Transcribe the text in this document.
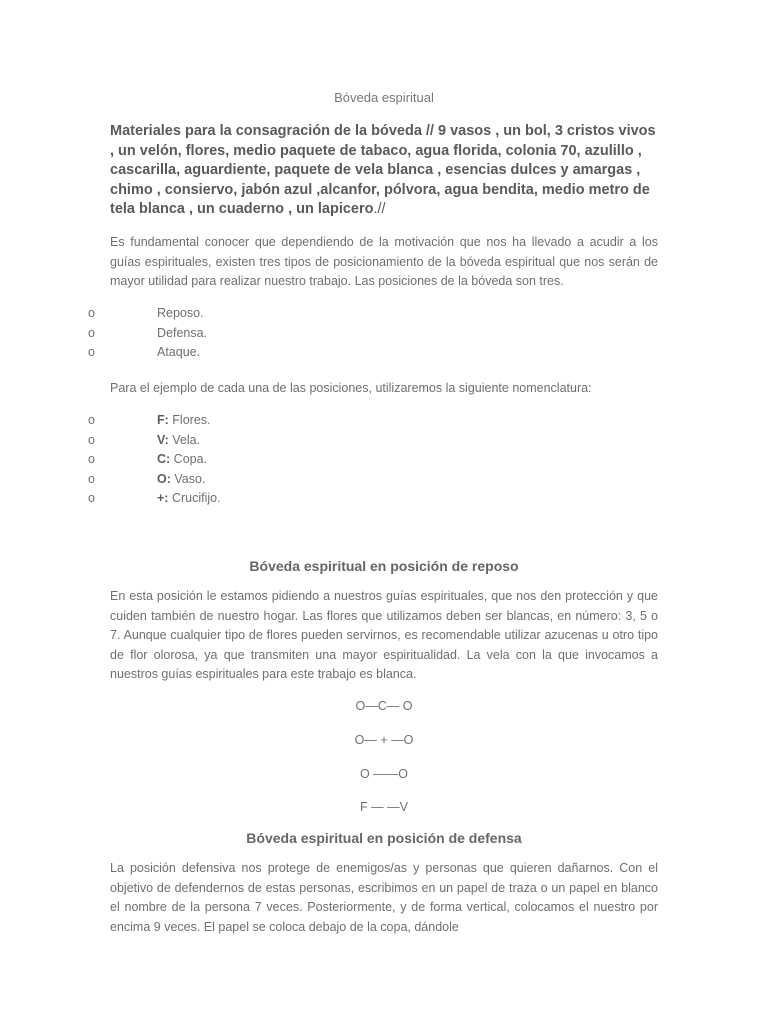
Bóveda espiritual
Materiales para la consagración de la bóveda // 9 vasos , un bol, 3 cristos vivos , un velón, flores, medio paquete de tabaco, agua florida, colonia 70, azulillo , cascarilla, aguardiente, paquete de vela blanca , esencias dulces y amargas , chimo , consiervo, jabón azul ,alcanfor, pólvora, agua bendita, medio metro de tela blanca , un cuaderno , un lapicero.//
Es fundamental conocer que dependiendo de la motivación que nos ha llevado a acudir a los guías espirituales, existen tres tipos de posicionamiento de la bóveda espiritual que nos serán de mayor utilidad para realizar nuestro trabajo. Las posiciones de la bóveda son tres.
o	Reposo.
o	Defensa.
o	Ataque.
Para el ejemplo de cada una de las posiciones, utilizaremos la siguiente nomenclatura:
o	F: Flores.
o	V: Vela.
o	C: Copa.
o	O: Vaso.
o	+: Crucifijo.
Bóveda espiritual en posición de reposo
En esta posición le estamos pidiendo a nuestros guías espirituales, que nos den protección y que cuiden también de nuestro hogar. Las flores que utilizamos deben ser blancas, en número: 3, 5 o 7. Aunque cualquier tipo de flores pueden servirnos, es recomendable utilizar azucenas u otro tipo de flor olorosa, ya que transmiten una mayor espiritualidad. La vela con la que invocamos a nuestros guías espirituales para este trabajo es blanca.
O—C— O
O— + —O
O ——O
F — —V
Bóveda espiritual en posición de defensa
La posición defensiva nos protege de enemigos/as y personas que quieren dañarnos. Con el objetivo de defendernos de estas personas, escribimos en un papel de traza o un papel en blanco el nombre de la persona 7 veces. Posteriormente, y de forma vertical, colocamos el nuestro por encima 9 veces. El papel se coloca debajo de la copa, dándole
